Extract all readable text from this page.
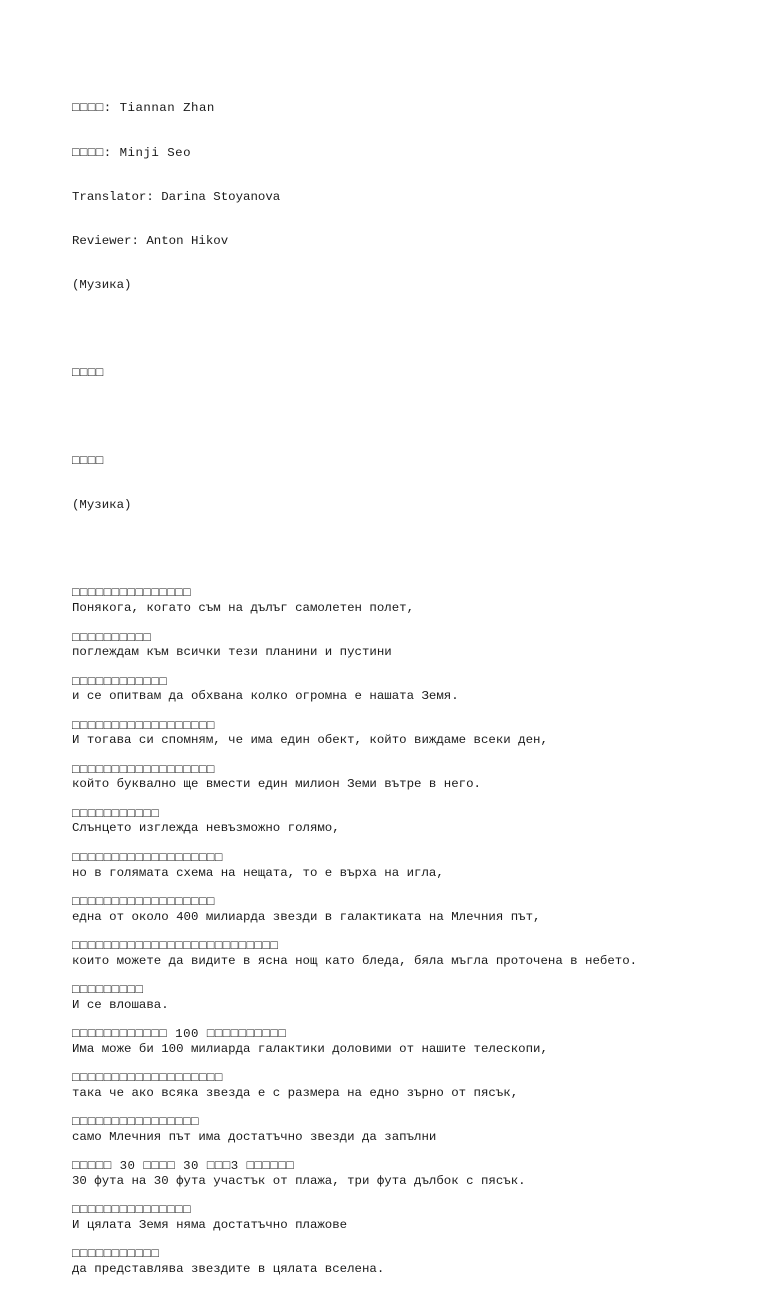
□□□□: Tiannan Zhan

□□□□: Minji Seo

Translator: Darina Stoyanova

Reviewer: Anton Hikov

(Музика)

□□□□

□□□□

(Музика)

□□□□□□□□□□□□□□□
Понякога, когато съм на дълъг самолетен полет,
□□□□□□□□□□
поглеждам към всички тези планини и пустини
□□□□□□□□□□□□
и се опитвам да обхвана колко огромна е нашата Земя.
□□□□□□□□□□□□□□□□□□
И тогава си спомням, че има един обект, който виждаме всеки ден,
□□□□□□□□□□□□□□□□□□
който буквално ще вмести един милион Земи вътре в него.
□□□□□□□□□□□
Слънцето изглежда невъзможно голямо,
□□□□□□□□□□□□□□□□□□□
но в голямата схема на нещата, то е върха на игла,
□□□□□□□□□□□□□□□□□□
една от около 400 милиарда звезди в галактиката на Млечния път,
□□□□□□□□□□□□□□□□□□□□□□□□□□
които можете да видите в ясна нощ като бледа, бяла мъгла проточена в небето.
□□□□□□□□□
И се влошава.
□□□□□□□□□□□□ 100 □□□□□□□□□□
Има може би 100 милиарда галактики доловими от нашите телескопи,
□□□□□□□□□□□□□□□□□□□
така че ако всяка звезда е с размера на едно зърно от пясък,
□□□□□□□□□□□□□□□□
само Млечния път има достатъчно звезди да запълни
□□□□□ 30 □□□□ 30 □□□3 □□□□□□
30 фута на 30 фута участък от плажа, три фута дълбок с пясък.
□□□□□□□□□□□□□□□
И цялата Земя няма достатъчно плажове
□□□□□□□□□□□
да представлява звездите в цялата вселена.
